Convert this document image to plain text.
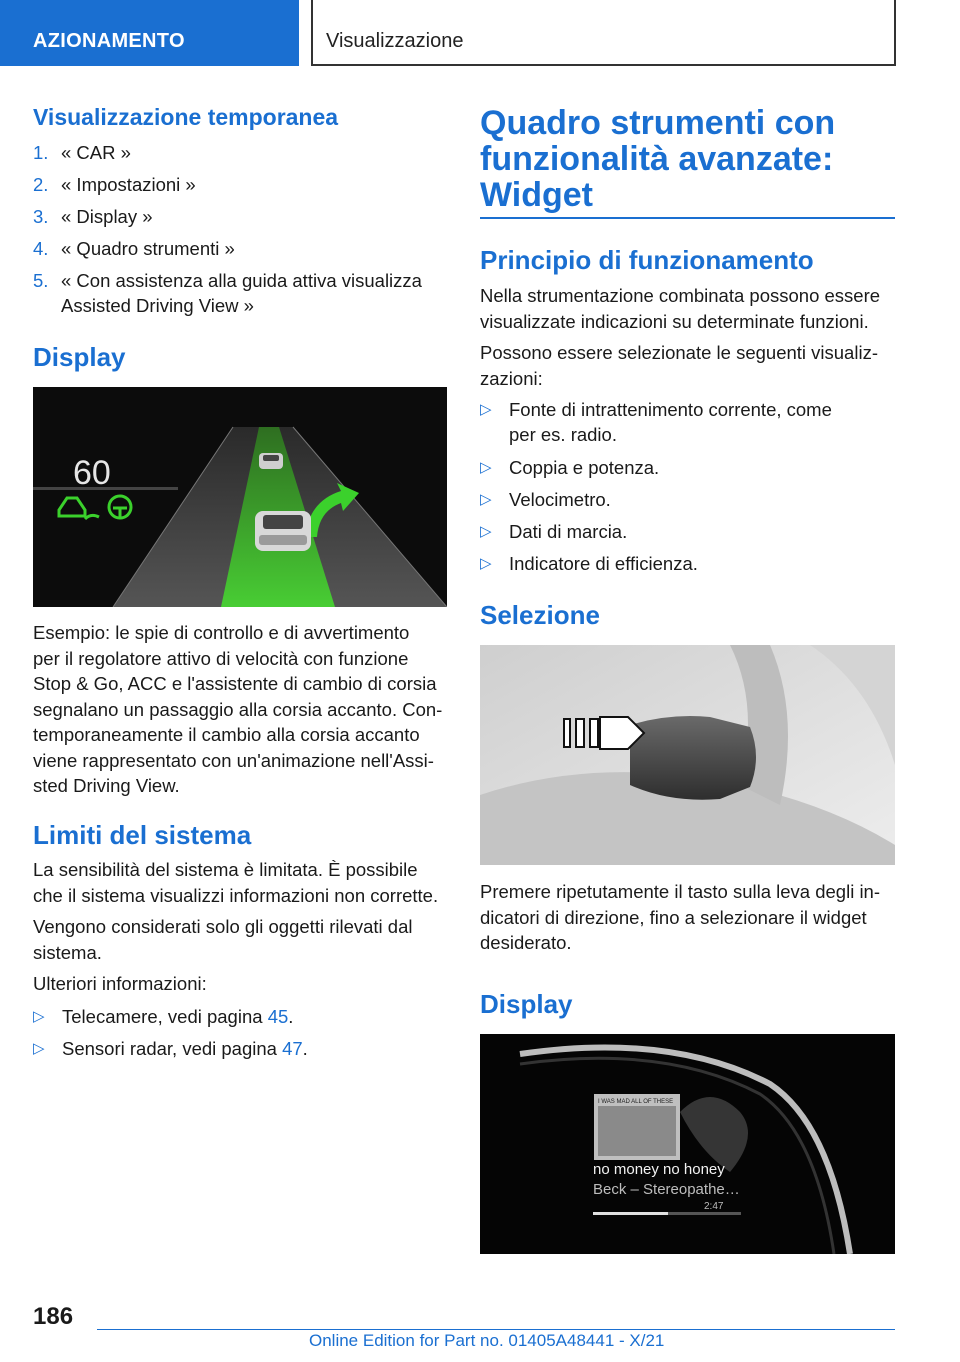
AZIONAMENTO	Visualizzazione
Visualizzazione temporanea
1. « CAR »
2. « Impostazioni »
3. « Display »
4. « Quadro strumenti »
5. « Con assistenza alla guida attiva visualizza
Assisted Driving View »
Display
60
Esempio: le spie di controllo e di avvertimento
per il regolatore attivo di velocità con funzione
Stop & Go, ACC e l'assistente di cambio di corsia
segnalano un passaggio alla corsia accanto. Con-
temporaneamente il cambio alla corsia accanto
viene rappresentato con un'animazione nell'Assi-
sted Driving View.
Limiti del sistema
La sensibilità del sistema è limitata. È possibile
che il sistema visualizzi informazioni non corrette.
Vengono considerati solo gli oggetti rilevati dal
sistema.
Ulteriori informazioni:
▷ Telecamere, vedi pagina 45.
▷ Sensori radar, vedi pagina 47.
Quadro strumenti con
funzionalità avanzate:
Widget
Principio di funzionamento
Nella strumentazione combinata possono essere
visualizzate indicazioni su determinate funzioni.
Possono essere selezionate le seguenti visualiz-
zazioni:
▷ Fonte di intrattenimento corrente, come
per es. radio.
▷ Coppia e potenza.
▷ Velocimetro.
▷ Dati di marcia.
▷ Indicatore di efficienza.
Selezione
Premere ripetutamente il tasto sulla leva degli in-
dicatori di direzione, fino a selezionare il widget
desiderato.
Display
I WAS MAD ALL OF THESE
no money no honey
Beck – Stereopathe…
2:47
186
Online Edition for Part no. 01405A48441 - X/21
